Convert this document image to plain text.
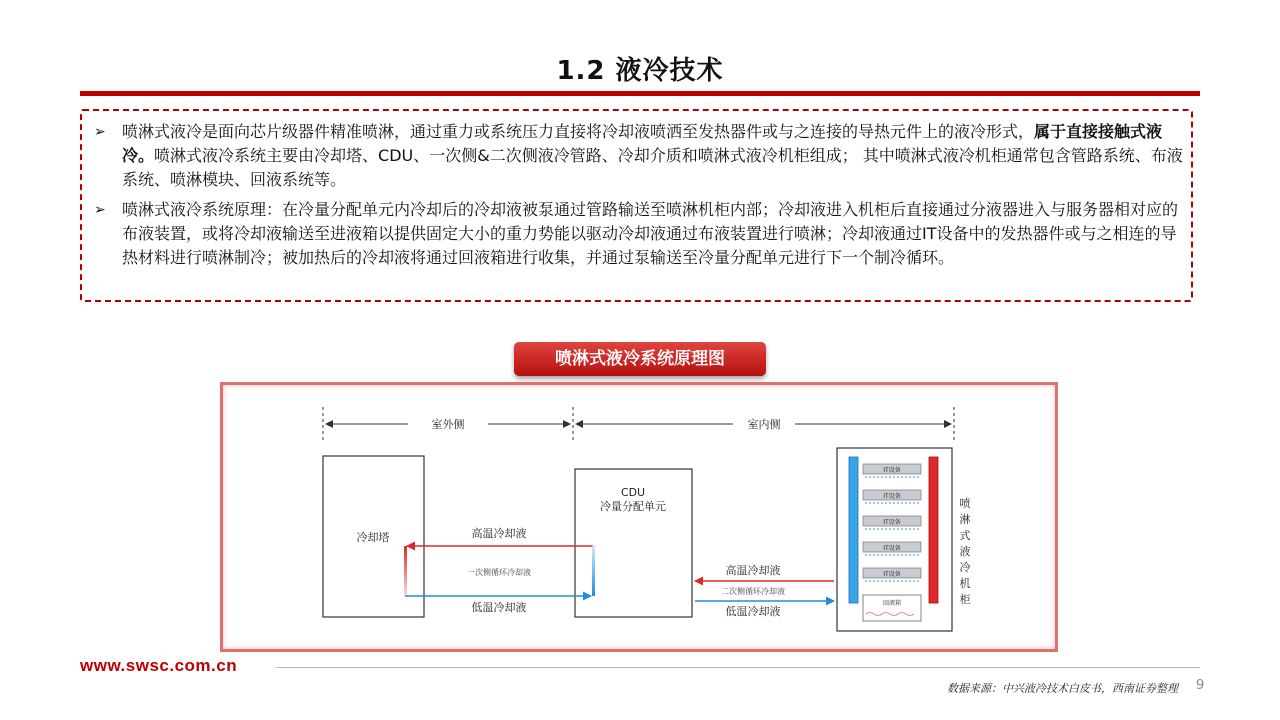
1.2 液冷技术
➢ 喷淋式液冷是面向芯片级器件精准喷淋，通过重力或系统压力直接将冷却液喷洒至发热器件或与之连接的导热元件上的液冷形式，属于直接接触式液冷。喷淋式液冷系统主要由冷却塔、CDU、一次侧&二次侧液冷管路、冷却介质和喷淋式液冷机柜组成； 其中喷淋式液冷机柜通常包含管路系统、布液系统、喷淋模块、回液系统等。
➢ 喷淋式液冷系统原理：在冷量分配单元内冷却后的冷却液被泵通过管路输送至喷淋机柜内部；冷却液进入机柜后直接通过分液器进入与服务器相对应的布液装置，或将冷却液输送至进液箱以提供固定大小的重力势能以驱动冷却液通过布液装置进行喷淋；冷却液通过IT设备中的发热器件或与之相连的导热材料进行喷淋制冷；被加热后的冷却液将通过回液箱进行收集，并通过泵输送至冷量分配单元进行下一个制冷循环。
喷淋式液冷系统原理图
室外侧	室内侧
冷却塔
CDU
冷量分配单元
高温冷却液
一次侧循环冷却液
低温冷却液
高温冷却液
二次侧循环冷却液
低温冷却液
IT设备
IT设备
IT设备
IT设备
IT设备
回液箱
喷
淋
式
液
冷
机
柜
www.swsc.com.cn
数据来源：中兴液冷技术白皮书，西南证券整理 9
